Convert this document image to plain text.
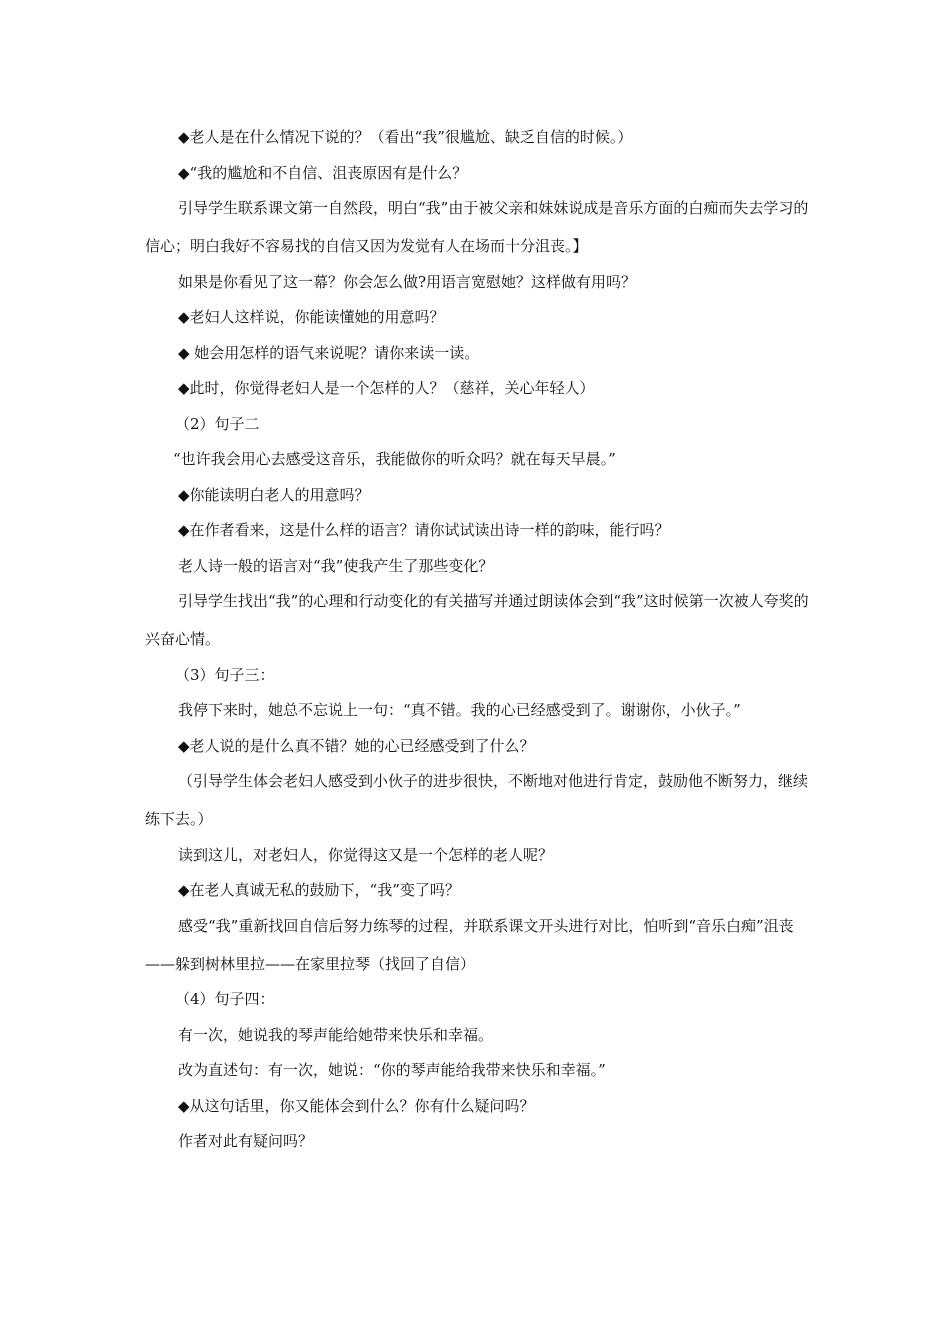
◆老人是在什么情况下说的？（看出“我”很尴尬、缺乏自信的时候。）

◆“我的尴尬和不自信、沮丧原因有是什么？

引导学生联系课文第一自然段，明白“我”由于被父亲和妹妹说成是音乐方面的白痴而失去学习的信心；明白我好不容易找的自信又因为发觉有人在场而十分沮丧。】

如果是你看见了这一幕？你会怎么做?用语言宽慰她？这样做有用吗？

◆老妇人这样说，你能读懂她的用意吗？

◆ 她会用怎样的语气来说呢？请你来读一读。

◆此时，你觉得老妇人是一个怎样的人？（慈祥，关心年轻人）

（2）句子二

“也许我会用心去感受这音乐，我能做你的听众吗？就在每天早晨。”

◆你能读明白老人的用意吗？

◆在作者看来，这是什么样的语言？请你试试读出诗一样的韵味，能行吗？

老人诗一般的语言对“我”使我产生了那些变化？

引导学生找出“我”的心理和行动变化的有关描写并通过朗读体会到“我”这时候第一次被人夸奖的兴奋心情。

（3）句子三：

我停下来时，她总不忘说上一句：“真不错。我的心已经感受到了。谢谢你，小伙子。”

◆老人说的是什么真不错？她的心已经感受到了什么？

（引导学生体会老妇人感受到小伙子的进步很快，不断地对他进行肯定，鼓励他不断努力，继续练下去。）

读到这儿，对老妇人，你觉得这又是一个怎样的老人呢？

◆在老人真诚无私的鼓励下，“我”变了吗？

感受“我”重新找回自信后努力练琴的过程，并联系课文开头进行对比，怕听到“音乐白痴”沮丧——躲到树林里拉——在家里拉琴（找回了自信）

（4）句子四：

有一次，她说我的琴声能给她带来快乐和幸福。

改为直述句：有一次，她说：“你的琴声能给我带来快乐和幸福。”

◆从这句话里，你又能体会到什么？你有什么疑问吗？

作者对此有疑问吗？
